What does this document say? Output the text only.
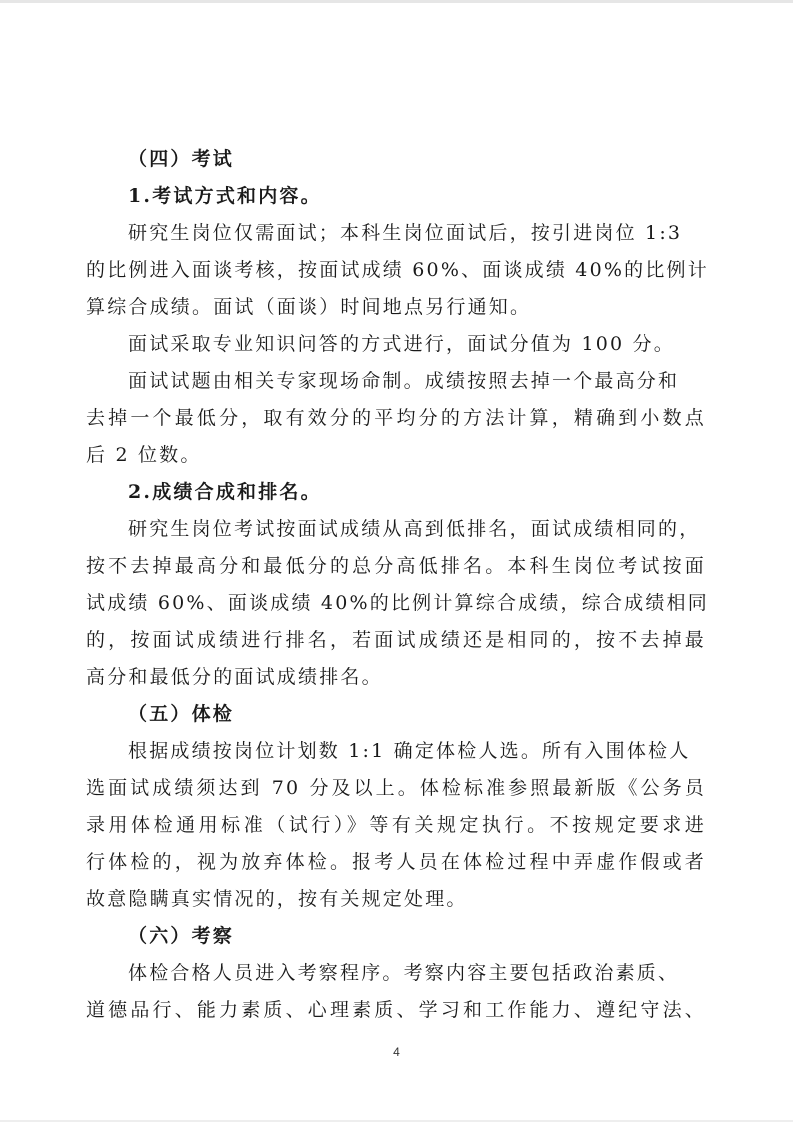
（四）考试
1.考试方式和内容。
研究生岗位仅需面试；本科生岗位面试后，按引进岗位 1:3
的比例进入面谈考核，按面试成绩 60%、面谈成绩 40%的比例计
算综合成绩。面试（面谈）时间地点另行通知。
面试采取专业知识问答的方式进行，面试分值为 100 分。
面试试题由相关专家现场命制。成绩按照去掉一个最高分和
去掉一个最低分，取有效分的平均分的方法计算，精确到小数点
后 2 位数。
2.成绩合成和排名。
研究生岗位考试按面试成绩从高到低排名，面试成绩相同的，
按不去掉最高分和最低分的总分高低排名。本科生岗位考试按面
试成绩 60%、面谈成绩 40%的比例计算综合成绩，综合成绩相同
的，按面试成绩进行排名，若面试成绩还是相同的，按不去掉最
高分和最低分的面试成绩排名。
（五）体检
根据成绩按岗位计划数 1:1 确定体检人选。所有入围体检人
选面试成绩须达到 70 分及以上。体检标准参照最新版《公务员
录用体检通用标准（试行）》等有关规定执行。不按规定要求进
行体检的，视为放弃体检。报考人员在体检过程中弄虚作假或者
故意隐瞒真实情况的，按有关规定处理。
（六）考察
体检合格人员进入考察程序。考察内容主要包括政治素质、
道德品行、能力素质、心理素质、学习和工作能力、遵纪守法、
4
